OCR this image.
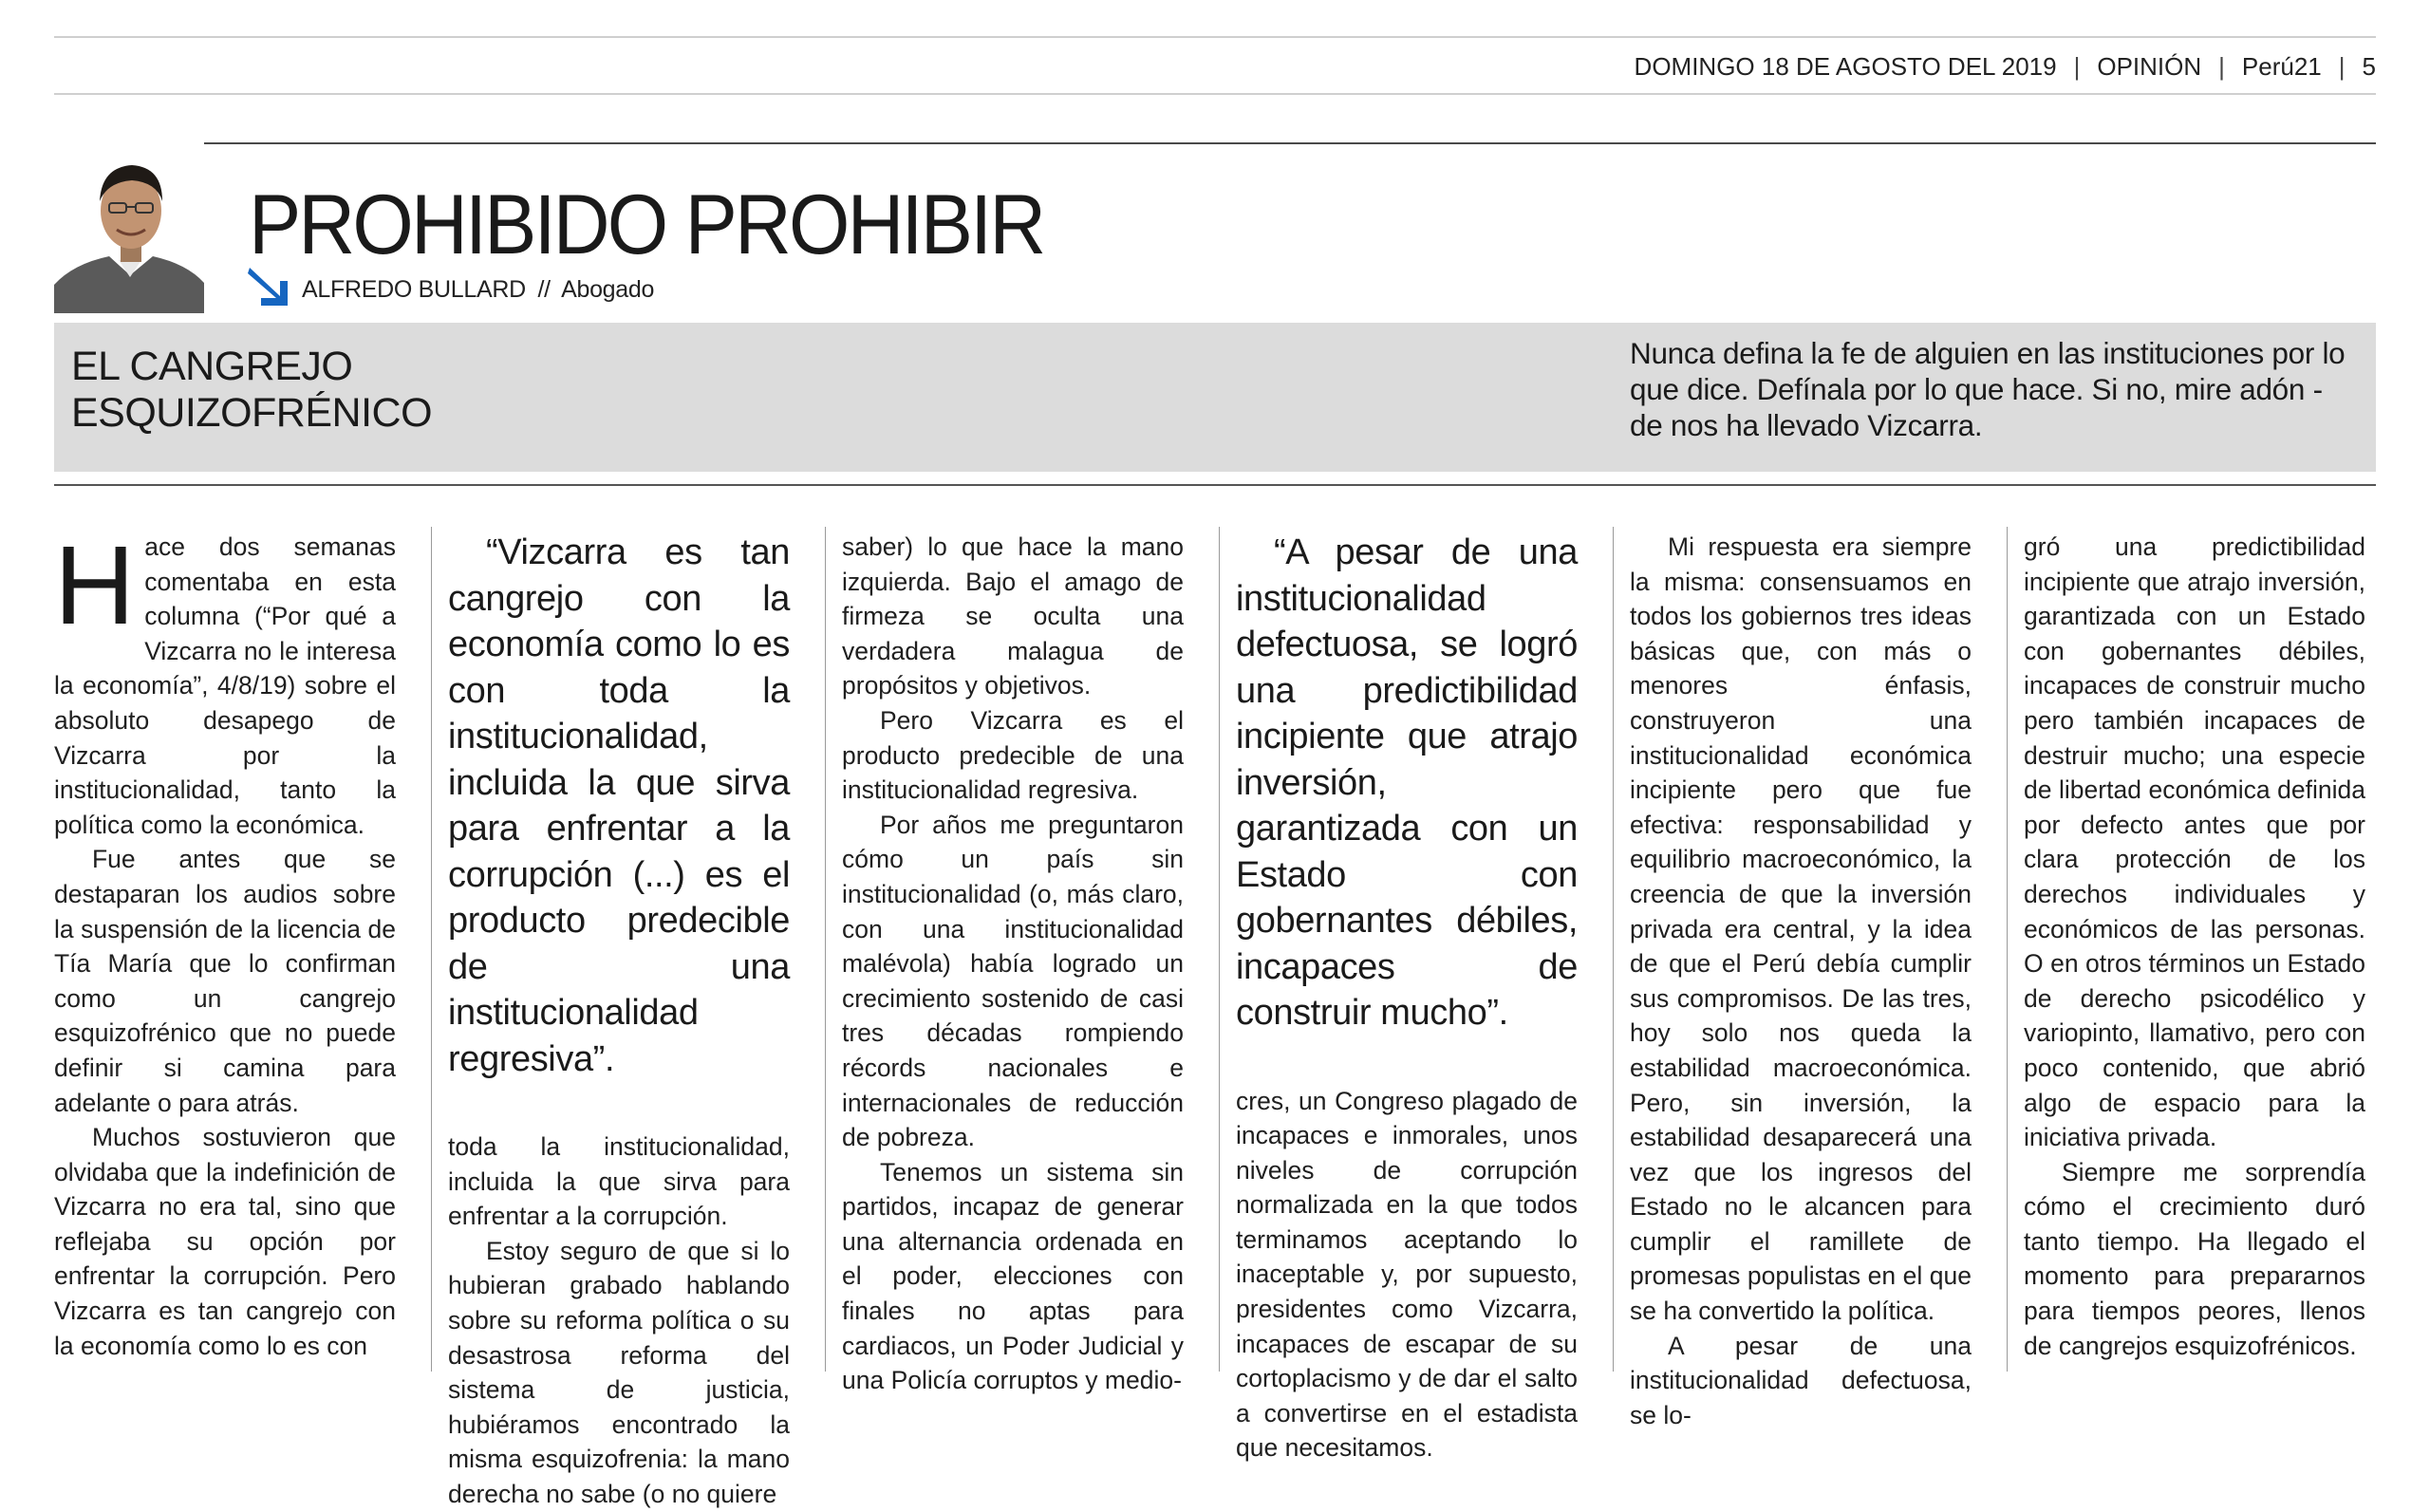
DOMINGO 18 DE AGOSTO DEL 2019 | OPINIÓN | Perú21 | 5
PROHIBIDO PROHIBIR
ALFREDO BULLARD // Abogado
EL CANGREJO ESQUIZOFRÉNICO

Nunca defina la fe de alguien en las instituciones por lo que dice. Defínala por lo que hace. Si no, mire adón - de nos ha llevado Vizcarra.

Hace dos semanas comentaba en esta columna (“Por qué a Vizcarra no le interesa la economía”, 4/8/19) sobre el absoluto desapego de Vizcarra por la institucionalidad, tanto la política como la económica.

Fue antes que se destaparan los audios sobre la suspensión de la licencia de Tía María que lo confirman como un cangrejo esquizofrénico que no puede definir si camina para adelante o para atrás.

Muchos sostuvieron que olvidaba que la indefinición de Vizcarra no era tal, sino que reflejaba su opción por enfrentar la corrupción. Pero Vizcarra es tan cangrejo con la economía como lo es con

“Vizcarra es tan cangrejo con la economía como lo es con toda la institucionalidad, incluida la que sirva para enfrentar a la corrupción (...) es el producto predecible de una institucionalidad regresiva”.

toda la institucionalidad, incluida la que sirva para enfrentar a la corrupción.

Estoy seguro de que si lo hubieran grabado hablando sobre su reforma política o su desastrosa reforma del sistema de justicia, hubiéramos encontrado la misma esquizofrenia: la mano derecha no sabe (o no quiere

saber) lo que hace la mano izquierda. Bajo el amago de firmeza se oculta una verdadera malagua de propósitos y objetivos.

Pero Vizcarra es el producto predecible de una institucionalidad regresiva.

Por años me preguntaron cómo un país sin institucionalidad (o, más claro, con una institucionalidad malévola) había logrado un crecimiento sostenido de casi tres décadas rompiendo récords nacionales e internacionales de reducción de pobreza.

Tenemos un sistema sin partidos, incapaz de generar una alternancia ordenada en el poder, elecciones con finales no aptas para cardiacos, un Poder Judicial y una Policía corruptos y medio-

“A pesar de una institucionalidad defectuosa, se logró una predictibilidad incipiente que atrajo inversión, garantizada con un Estado con gobernantes débiles, incapaces de construir mucho”.

cres, un Congreso plagado de incapaces e inmorales, unos niveles de corrupción normalizada en la que todos terminamos aceptando lo inaceptable y, por supuesto, presidentes como Vizcarra, incapaces de escapar de su cortoplacismo y de dar el salto a convertirse en el estadista que necesitamos.

Mi respuesta era siempre la misma: consensuamos en todos los gobiernos tres ideas básicas que, con más o menores énfasis, construyeron una institucionalidad económica incipiente pero que fue efectiva: responsabilidad y equilibrio macroeconómico, la creencia de que la inversión privada era central, y la idea de que el Perú debía cumplir sus compromisos. De las tres, hoy solo nos queda la estabilidad macroeconómica. Pero, sin inversión, la estabilidad desaparecerá una vez que los ingresos del Estado no le alcancen para cumplir el ramillete de promesas populistas en el que se ha convertido la política.

A pesar de una institucionalidad defectuosa, se lo-

gró una predictibilidad incipiente que atrajo inversión, garantizada con un Estado con gobernantes débiles, incapaces de construir mucho pero también incapaces de destruir mucho; una especie de libertad económica definida por defecto antes que por clara protección de los derechos individuales y económicos de las personas. O en otros términos un Estado de derecho psicodélico y variopinto, llamativo, pero con poco contenido, que abrió algo de espacio para la iniciativa privada.

Siempre me sorprendía cómo el crecimiento duró tanto tiempo. Ha llegado el momento para prepararnos para tiempos peores, llenos de cangrejos esquizofrénicos.
